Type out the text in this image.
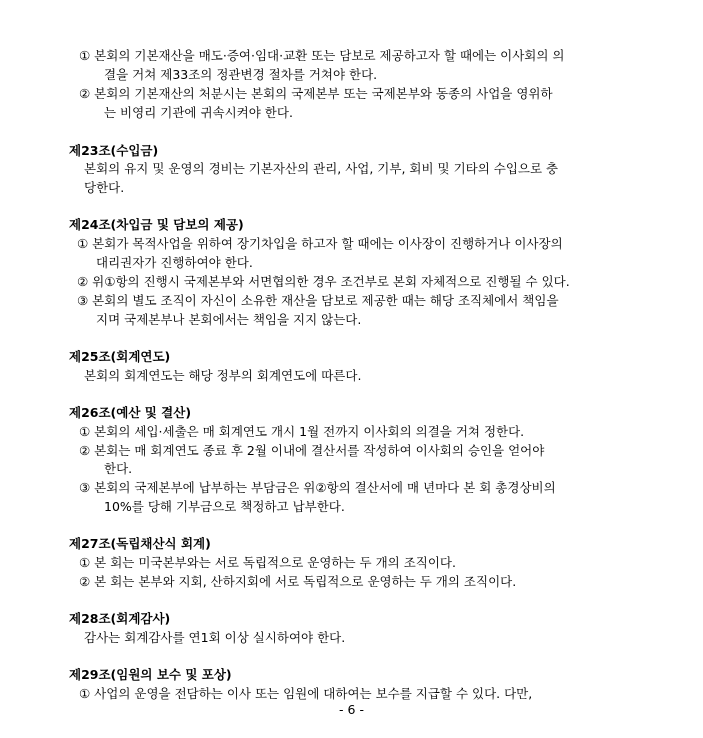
① 본회의 기본재산을 매도·증여·임대·교환 또는 담보로 제공하고자 할 때에는 이사회의 의
결을 거쳐 제33조의 정관변경 절차를 거쳐야 한다.
② 본회의 기본재산의 처분시는 본회의 국제본부 또는 국제본부와 동종의 사업을 영위하
는 비영리 기관에 귀속시켜야 한다.
제23조(수입금)
본회의 유지 및 운영의 경비는 기본자산의 관리, 사업, 기부, 회비 및 기타의 수입으로 충
당한다.
제24조(차입금 및 담보의 제공)
① 본회가 목적사업을 위하여 장기차입을 하고자 할 때에는 이사장이 진행하거나 이사장의
대리권자가 진행하여야 한다.
② 위①항의 진행시 국제본부와 서면협의한 경우 조건부로 본회 자체적으로 진행될 수 있다.
③ 본회의 별도 조직이 자신이 소유한 재산을 담보로 제공한 때는 해당 조직체에서 책임을
지며 국제본부나 본회에서는 책임을 지지 않는다.
제25조(회계연도)
본회의 회계연도는 해당 정부의 회계연도에 따른다.
제26조(예산 및 결산)
① 본회의 세입·세출은 매 회계연도 개시 1월 전까지 이사회의 의결을 거쳐 정한다.
② 본회는 매 회계연도 종료 후 2월 이내에 결산서를 작성하여 이사회의 승인을 얻어야
한다.
③ 본회의 국제본부에 납부하는 부담금은 위②항의 결산서에 매 년마다 본 회 총경상비의
10%를 당해 기부금으로 책정하고 납부한다.
제27조(독립채산식 회계)
① 본 회는 미국본부와는 서로 독립적으로 운영하는 두 개의 조직이다.
② 본 회는 본부와 지회, 산하지회에 서로 독립적으로 운영하는 두 개의 조직이다.
제28조(회계감사)
감사는 회계감사를 연1회 이상 실시하여야 한다.
제29조(임원의 보수 및 포상)
① 사업의 운영을 전담하는 이사 또는 임원에 대하여는 보수를 지급할 수 있다. 다만,
- 6 -
